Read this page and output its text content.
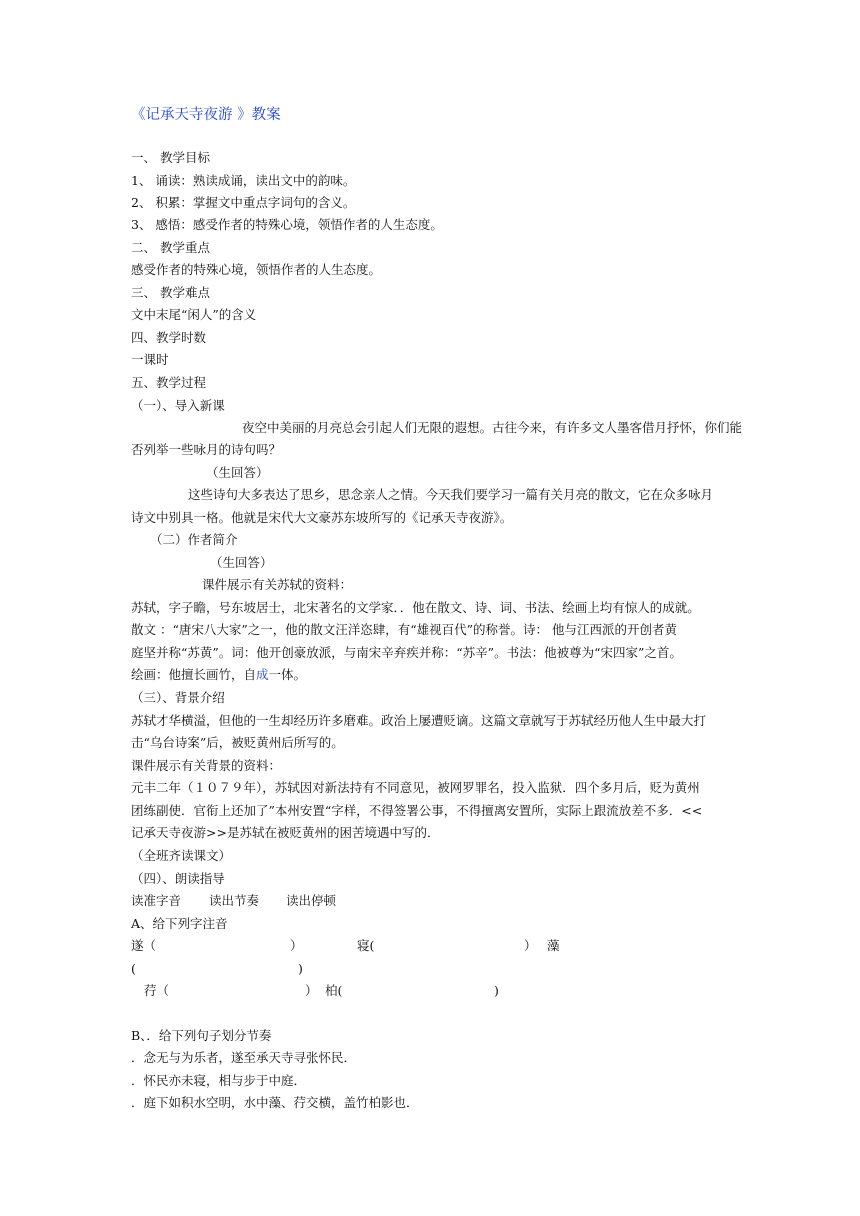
《记承天寺夜游 》教案
一、 教学目标
1、 诵读：熟读成诵，读出文中的韵味。
2、 积累：掌握文中重点字词句的含义。
3、 感悟：感受作者的特殊心境，领悟作者的人生态度。
二、 教学重点
感受作者的特殊心境，领悟作者的人生态度。
三、 教学难点
文中末尾“闲人”的含义
四、教学时数
一课时
五、教学过程
（一）、导入新课
夜空中美丽的月亮总会引起人们无限的遐想。古往今来，有许多文人墨客借月抒怀，你们能
否列举一些咏月的诗句吗？
（生回答）
这些诗句大多表达了思乡，思念亲人之情。今天我们要学习一篇有关月亮的散文，它在众多咏月
诗文中别具一格。他就是宋代大文豪苏东坡所写的《记承天寺夜游》。
（二）作者简介
（生回答）
课件展示有关苏轼的资料：
苏轼，字子瞻，号东坡居士，北宋著名的文学家．．他在散文、诗、词、书法、绘画上均有惊人的成就。
散文 ：“唐宋八大家”之一，他的散文汪洋恣肆，有“雄视百代”的称誉。诗： 他与江西派的开创者黄
庭坚并称“苏黄”。词：他开创豪放派，与南宋辛弃疾并称：“苏辛”。书法：他被尊为“宋四家”之首。
绘画：他擅长画竹，自成一体。
（三）、背景介绍
苏轼才华横溢，但他的一生却经历许多磨难。政治上屡遭贬谪。这篇文章就写于苏轼经历他人生中最大打
击“乌台诗案”后，被贬黄州后所写的。
课件展示有关背景的资料：
元丰二年（１０７９年），苏轼因对新法持有不同意见，被网罗罪名，投入监狱．四个多月后，贬为黄州
团练副使．官衔上还加了”本州安置“字样，不得签署公事，不得擅离安置所，实际上跟流放差不多．<<
记承天寺夜游>>是苏轼在被贬黄州的困苦境遇中写的．
（全班齐读课文）
（四）、朗读指导
读准字音 读出节奏 读出停顿
A、给下列字注音
遂（	）	寝(	） 藻
(	)
荇（	） 柏(	)
B、．给下列句子划分节奏
．念无与为乐者，遂至承天寺寻张怀民．
．怀民亦未寝，相与步于中庭．
．庭下如积水空明，水中藻、荇交横，盖竹柏影也．
